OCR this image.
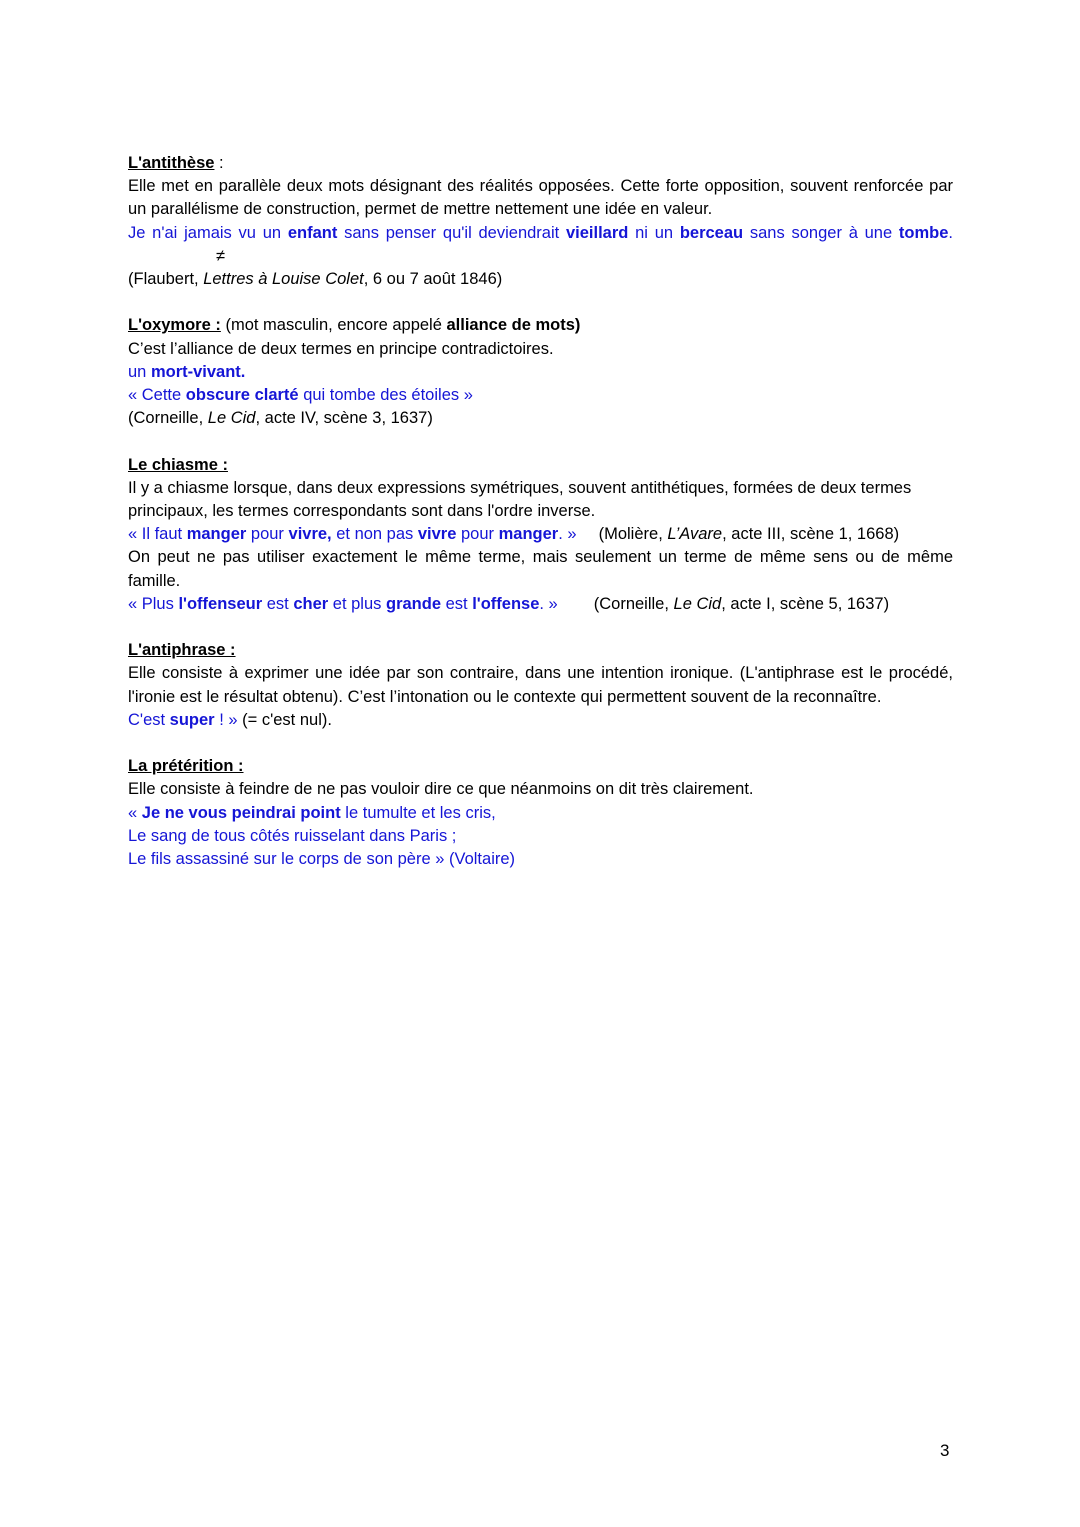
L'antithèse :
Elle met en parallèle deux mots désignant des réalités opposées. Cette forte opposition, souvent renforcée par un parallélisme de construction, permet de mettre nettement une idée en valeur.
Je n'ai jamais vu un enfant sans penser qu'il deviendrait vieillard ni un berceau sans songer à une tombe.≠
(Flaubert, Lettres à Louise Colet, 6 ou 7 août 1846)
L'oxymore : (mot masculin, encore appelé alliance de mots)
C’est l’alliance de deux termes en principe contradictoires.
un mort-vivant.
« Cette obscure clarté qui tombe des étoiles »
(Corneille, Le Cid, acte IV, scène 3, 1637)
Le chiasme :
Il y a chiasme lorsque, dans deux expressions symétriques, souvent antithétiques, formées de deux termes principaux, les termes correspondants sont dans l'ordre inverse.
« Il faut manger pour vivre, et non pas vivre pour manger. » (Molière, L’Avare, acte III, scène 1, 1668)
On peut ne pas utiliser exactement le même terme, mais seulement un terme de même sens ou de même famille.
« Plus l'offenseur est cher et plus grande est l'offense. » (Corneille, Le Cid, acte I, scène 5, 1637)
L'antiphrase :
Elle consiste à exprimer une idée par son contraire, dans une intention ironique. (L'antiphrase est le procédé, l'ironie est le résultat obtenu). C’est l’intonation ou le contexte qui permettent souvent de la reconnaître.
C'est super ! » (= c'est nul).
La prétérition :
Elle consiste à feindre de ne pas vouloir dire ce que néanmoins on dit très clairement.
« Je ne vous peindrai point le tumulte et les cris,
Le sang de tous côtés ruisselant dans Paris ;
Le fils assassiné sur le corps de son père » (Voltaire)
3
